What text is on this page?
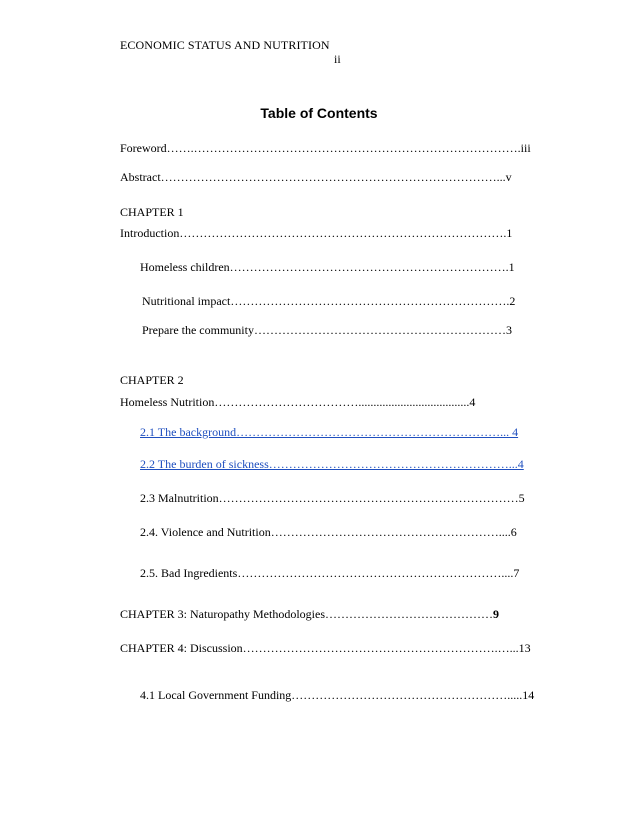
ECONOMIC STATUS AND NUTRITION
ii
Table of Contents
Foreword…….……………………………………………………………………….iii
Abstract…………………………………………………………………………...v
CHAPTER 1
Introduction……………………………………………………………………….1
Homeless children…………………………………………………………….1
Nutritional impact…………………………………………………………….2
Prepare the community………………………………………………………3
CHAPTER 2
Homeless Nutrition……………………………….....................................4
2.1 The background…………………………………………………………... 4
2.2 The burden of sickness……………………………………………………...4
2.3 Malnutrition…………………………………………………………………5
2.4. Violence and Nutrition…………………………………………………....6
2.5. Bad Ingredients…………………………………………………………....7
CHAPTER 3: Naturopathy Methodologies……………………………………9
CHAPTER 4: Discussion……………………………………………………….…...13
4.1 Local Government Funding……………………………………………….....14
